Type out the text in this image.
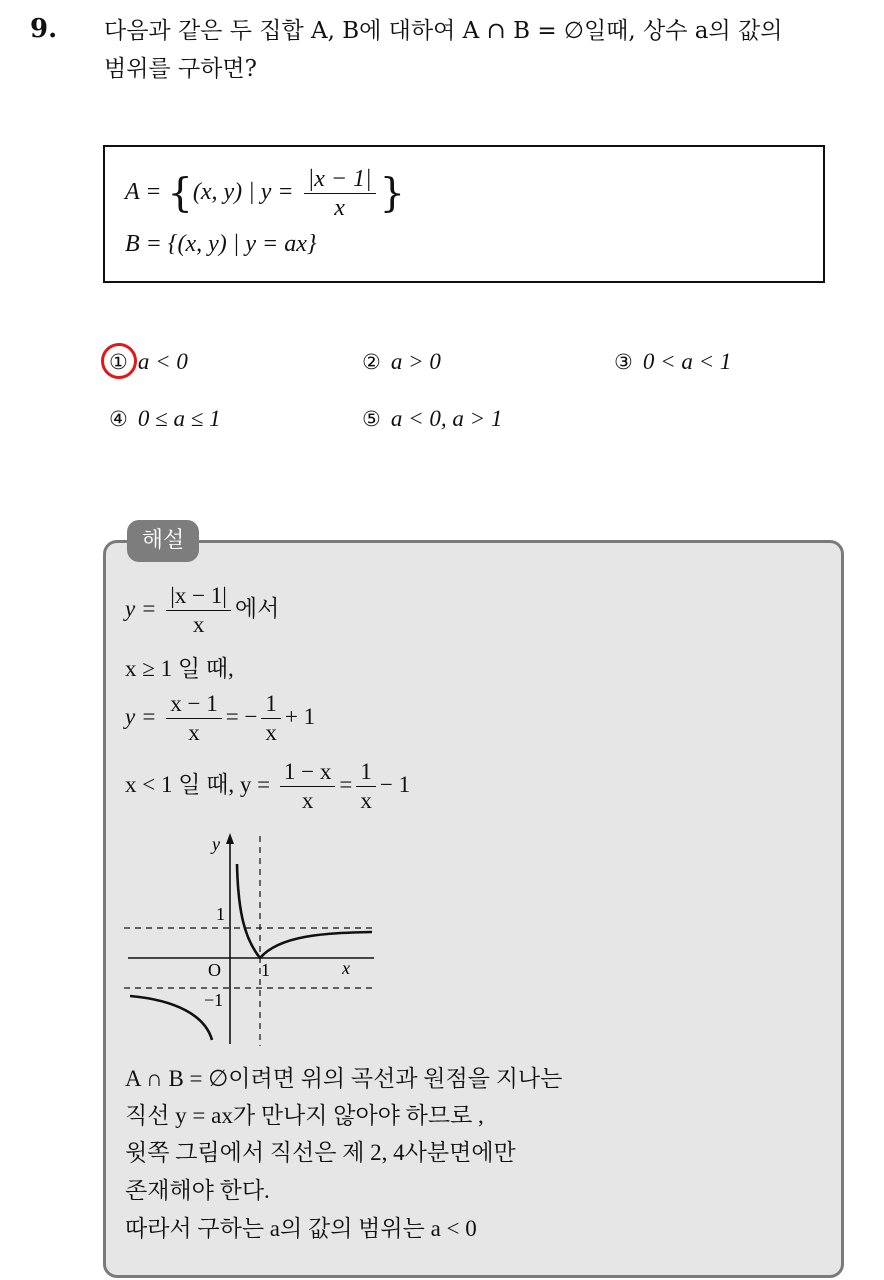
9. 다음과 같은 두 집합 A, B에 대하여 A ∩ B = ∅일때, 상수 a의 값의
범위를 구하면?
A = {(x, y) | $y = \frac{|x - 1|}{x}$ }
B = {(x, y) | y = ax}
① a < 0	② a > 0	③ 0 < a < 1
④ 0 ≤ a ≤ 1	⑤ a < 0, a > 1
해설
$y = \frac{|x - 1|}{x}$ 에서
x ≥ 1 일 때,
$y = \frac{x - 1}{x}$ = − $\frac{1}{x} + 1$
x < 1 일 때, $y = \frac{1 - x}{x} = \frac{1}{x} - 1$
y
x
O 1
1
−1
A ∩ B = ∅이려면 위의 곡선과 원점을 지나는
직선 y = ax가 만나지 않아야 하므로 ,
윗쪽 그림에서 직선은 제 2, 4사분면에만
존재해야 한다.
따라서 구하는 a의 값의 범위는 a < 0
